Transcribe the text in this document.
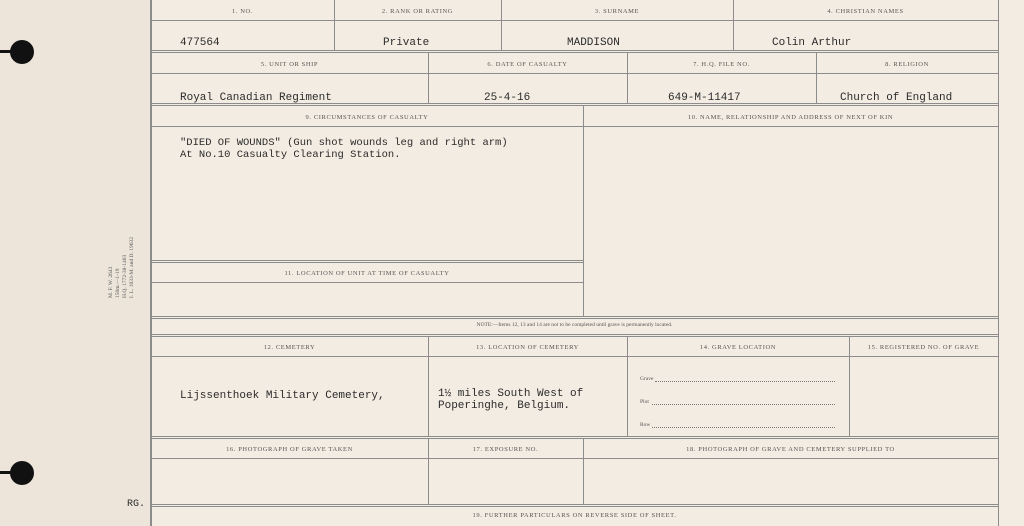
M. F. W. 2643 150m.—1-19 H.Q. 1772-38-1403 I. L. 1033-M. and D. 19632
RG.
1. NO.	2. RANK OR RATING	3. SURNAME	4. CHRISTIAN NAMES
477564	Private	MADDISON	Colin Arthur
5. UNIT OR SHIP	6. DATE OF CASUALTY	7. H.Q. FILE NO.	8. RELIGION
Royal Canadian Regiment	25-4-16	649-M-11417	Church of England
9. CIRCUMSTANCES OF CASUALTY	10. NAME, RELATIONSHIP AND ADDRESS OF NEXT OF KIN
"DIED OF WOUNDS" (Gun shot wounds leg and right arm)
At No.10 Casualty Clearing Station.
11. LOCATION OF UNIT AT TIME OF CASUALTY
NOTE:—Items 12, 13 and 14 are not to be completed until grave is permanently located.
12. CEMETERY	13. LOCATION OF CEMETERY	14. GRAVE LOCATION	15. REGISTERED NO. OF GRAVE
Lijssenthoek Military Cemetery,	1½ miles South West of
Poperinghe, Belgium.
Grave
Plot
Row
16. PHOTOGRAPH OF GRAVE TAKEN	17. EXPOSURE NO.	18. PHOTOGRAPH OF GRAVE AND CEMETERY SUPPLIED TO
19. FURTHER PARTICULARS ON REVERSE SIDE OF SHEET.
